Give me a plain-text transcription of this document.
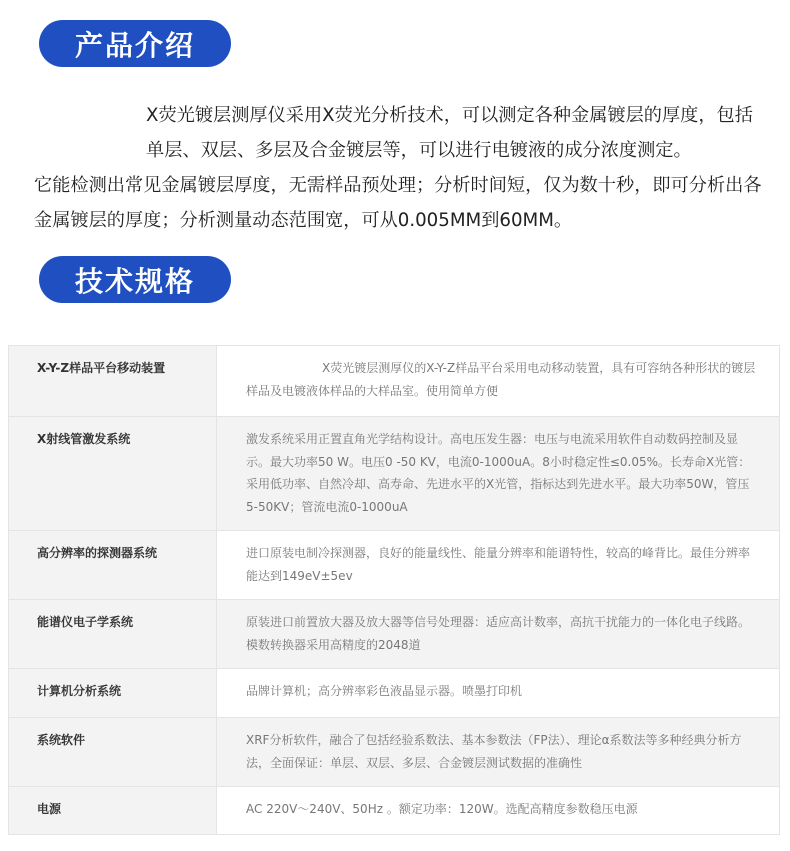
产品介绍

X荧光镀层测厚仪采用X荧光分析技术，可以测定各种金属镀层的厚度，包括单层、双层、多层及合金镀层等，可以进行电镀液的成分浓度测定。

它能检测出常见金属镀层厚度，无需样品预处理；分析时间短，仅为数十秒，即可分析出各金属镀层的厚度；分析测量动态范围宽，可从0.005MM到60MM。

技术规格
X-Y-Z样品平台移动装置	X荧光镀层测厚仪的X-Y-Z样品平台采用电动移动装置，具有可容纳各种形状的镀层样品及电镀液体样品的大样品室。使用简单方便
X射线管激发系统	激发系统采用正置直角光学结构设计。高电压发生器：电压与电流采用软件自动数码控制及显示。最大功率50 W。电压0 -50 KV，电流0-1000uA。8小时稳定性≤0.05%。长寿命X光管：采用低功率、自然冷却、高寿命、先进水平的X光管，指标达到先进水平。最大功率50W，管压5-50KV；管流电流0-1000uA
高分辨率的探测器系统	进口原装电制冷探测器，良好的能量线性、能量分辨率和能谱特性，较高的峰背比。最佳分辨率能达到149eV±5ev
能谱仪电子学系统	原装进口前置放大器及放大器等信号处理器：适应高计数率，高抗干扰能力的一体化电子线路。模数转换器采用高精度的2048道
计算机分析系统	品牌计算机；高分辨率彩色液晶显示器。喷墨打印机
系统软件	XRF分析软件，融合了包括经验系数法、基本参数法（FP法）、理论α系数法等多种经典分析方法，全面保证：单层、双层、多层、合金镀层测试数据的准确性
电源	AC 220V～240V、50Hz 。额定功率：120W。选配高精度参数稳压电源
